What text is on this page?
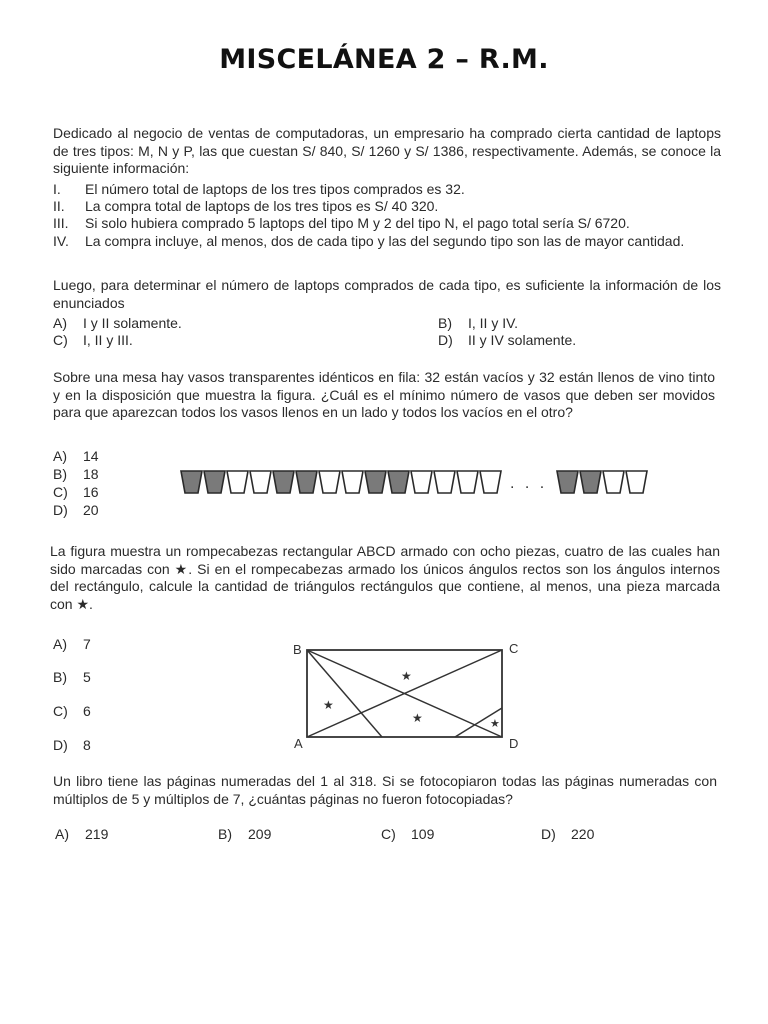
MISCELÁNEA 2 – R.M.
Dedicado al negocio de ventas de computadoras, un empresario ha comprado cierta cantidad de laptops de tres tipos: M, N y P, las que cuestan S/ 840, S/ 1260 y S/ 1386, respectivamente. Además, se conoce la siguiente información:
I.	El número total de laptops de los tres tipos comprados es 32.
II.	La compra total de laptops de los tres tipos es S/ 40 320.
III.	Si solo hubiera comprado 5 laptops del tipo M y 2 del tipo N, el pago total sería S/ 6720.
IV.	La compra incluye, al menos, dos de cada tipo y las del segundo tipo son las de mayor cantidad.
Luego, para determinar el número de laptops comprados de cada tipo, es suficiente la información de los enunciados
A) I y II solamente.	B) I, II y IV.
C) I, II y III.	D) II y IV solamente.
Sobre una mesa hay vasos transparentes idénticos en fila: 32 están vacíos y 32 están llenos de vino tinto y en la disposición que muestra la figura. ¿Cuál es el mínimo número de vasos que deben ser movidos para que aparezcan todos los vasos llenos en un lado y todos los vacíos en el otro?
A) 14
B) 18
C) 16
D) 20
. . .
La figura muestra un rompecabezas rectangular ABCD armado con ocho piezas, cuatro de las cuales han sido marcadas con ★. Si en el rompecabezas armado los únicos ángulos rectos son los ángulos internos del rectángulo, calcule la cantidad de triángulos rectángulos que contiene, al menos, una pieza marcada con ★.
A) 7
B) 5
C) 6
D) 8
B	C
A	D
★
★
★	★
Un libro tiene las páginas numeradas del 1 al 318. Si se fotocopiaron todas las páginas numeradas con múltiplos de 5 y múltiplos de 7, ¿cuántas páginas no fueron fotocopiadas?
A) 219	B) 209	C) 109	D) 220
